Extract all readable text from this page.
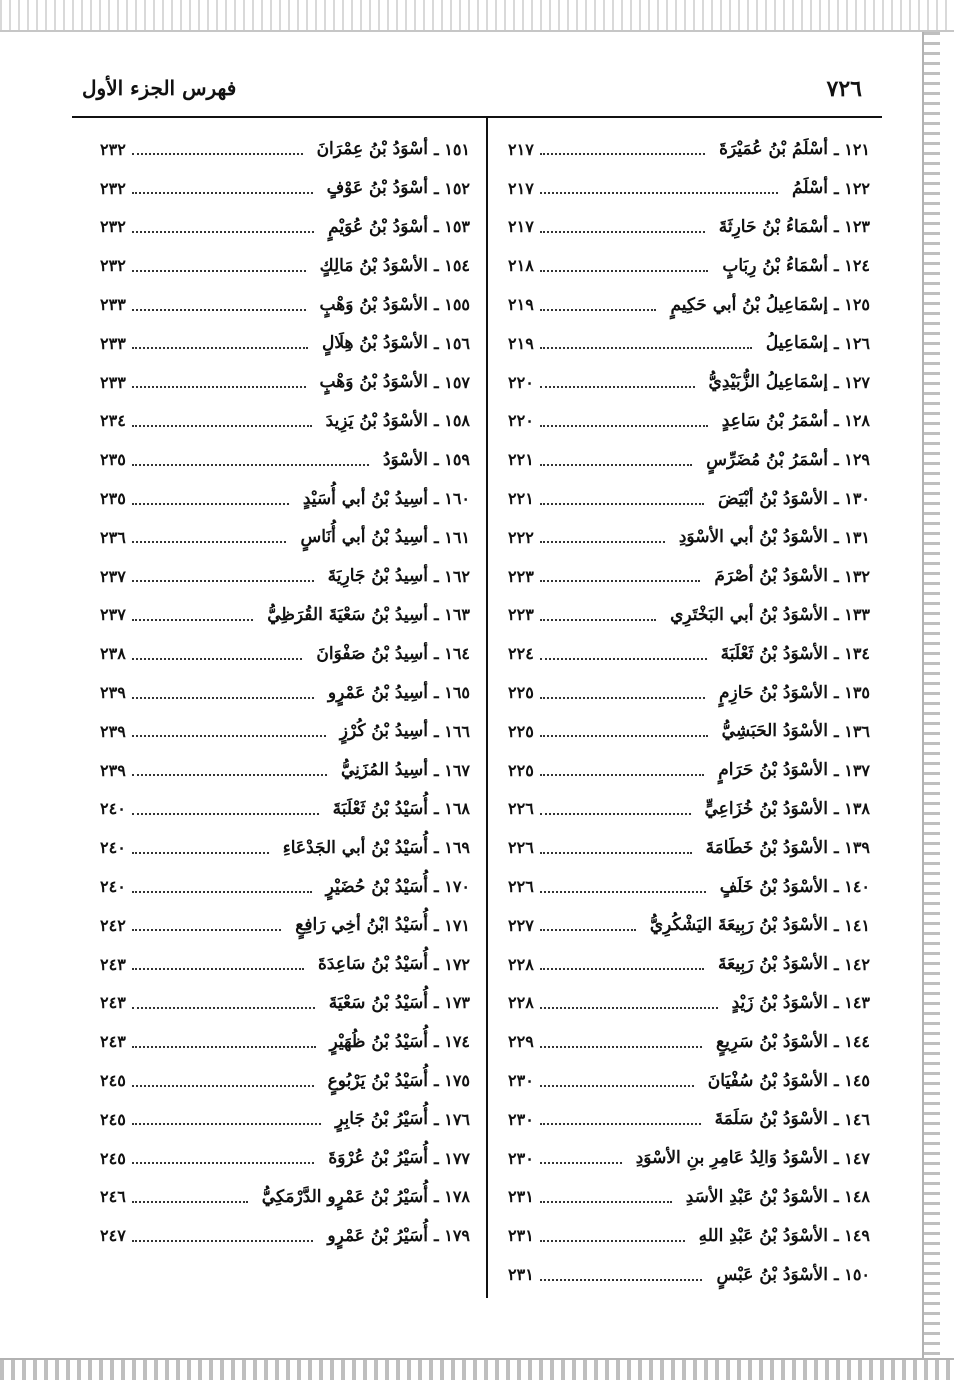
٧٢٦
فهرس الجزء الأول
١٢١ ـ
أسْلَمُ بْنُ عُمَيْرَةَ
٢١٧
١٢٢ ـ
أسْلَمُ
٢١٧
١٢٣ ـ
أسْمَاءُ بْنُ حَارِثَةَ
٢١٧
١٢٤ ـ
أسْمَاءُ بْنُ رِبَابٍ
٢١٨
١٢٥ ـ
إسْمَاعِيلُ بْنُ أبي حَكِيمٍ
٢١٩
١٢٦ ـ
إسْمَاعِيلُ
٢١٩
١٢٧ ـ
إسْمَاعِيلُ الزُّبَيْدِيُّ
٢٢٠
١٢٨ ـ
أسْمَرُ بْنُ سَاعِدٍ
٢٢٠
١٢٩ ـ
أسْمَرُ بْنُ مُضَرِّسٍ
٢٢١
١٣٠ ـ
الأسْوَدُ بْنُ أبْيَضَ
٢٢١
١٣١ ـ
الأسْوَدُ بْنُ أبي الأسْوَدِ
٢٢٢
١٣٢ ـ
الأسْوَدُ بْنُ أصْرَمَ
٢٢٣
١٣٣ ـ
الأسْوَدُ بْنُ أبي البَخْتَرِي
٢٢٣
١٣٤ ـ
الأسْوَدُ بْنُ ثَعْلَبَةَ
٢٢٤
١٣٥ ـ
الأسْوَدُ بْنُ حَازِمٍ
٢٢٥
١٣٦ ـ
الأسْوَدُ الحَبَشِيُّ
٢٢٥
١٣٧ ـ
الأسْوَدُ بْنُ حَرَامٍ
٢٢٥
١٣٨ ـ
الأسْوَدُ بْنُ خُزَاعِيٍّ
٢٢٦
١٣٩ ـ
الأسْوَدُ بْنُ خَطَامَةَ
٢٢٦
١٤٠ ـ
الأسْوَدُ بْنُ خَلَفٍ
٢٢٦
١٤١ ـ
الأسْوَدُ بْنُ رَبِيعَةَ اليَشْكُرِيُّ
٢٢٧
١٤٢ ـ
الأسْوَدُ بْنُ رَبِيعَةَ
٢٢٨
١٤٣ ـ
الأسْوَدُ بْنُ زَيْدٍ
٢٢٨
١٤٤ ـ
الأسْوَدُ بْنُ سَرِيعٍ
٢٢٩
١٤٥ ـ
الأسْوَدُ بْنُ سُفْيَانَ
٢٣٠
١٤٦ ـ
الأسْوَدُ بْنُ سَلَمَةَ
٢٣٠
١٤٧ ـ
الأسْوَدُ وَالِدُ عَامِرِ بنِ الأسْوَدِ
٢٣٠
١٤٨ ـ
الأسْوَدُ بْنُ عَبْدِ الأسَدِ
٢٣١
١٤٩ ـ
الأسْوَدُ بْنُ عَبْدِ اللهِ
٢٣١
١٥٠ ـ
الأسْوَدُ بْنُ عَبْسٍ
٢٣١
١٥١ ـ
أسْوَدُ بْنُ عِمْرَانَ
٢٣٢
١٥٢ ـ
أسْوَدُ بْنُ عَوْفٍ
٢٣٢
١٥٣ ـ
أسْوَدُ بْنُ عُوَيْمٍ
٢٣٢
١٥٤ ـ
الأسْوَدُ بْنُ مَالِكٍ
٢٣٢
١٥٥ ـ
الأسْوَدُ بْنُ وَهْبٍ
٢٣٣
١٥٦ ـ
الأسْوَدُ بْنُ هِلَالٍ
٢٣٣
١٥٧ ـ
الأسْوَدُ بْنُ وَهْبٍ
٢٣٣
١٥٨ ـ
الأسْوَدُ بْنُ يَزِيدَ
٢٣٤
١٥٩ ـ
الأسْوَدُ
٢٣٥
١٦٠ ـ
أسِيدُ بْنُ أبي أُسَيْدٍ
٢٣٥
١٦١ ـ
أسِيدُ بْنُ أبي أُنَاسٍ
٢٣٦
١٦٢ ـ
أسِيدُ بْنُ جَارِيَةَ
٢٣٧
١٦٣ ـ
أسِيدُ بْنُ سَعْيَةَ القُرَظِيُّ
٢٣٧
١٦٤ ـ
أسِيدُ بْنُ صَفْوَانَ
٢٣٨
١٦٥ ـ
أسِيدُ بْنُ عَمْرٍو
٢٣٩
١٦٦ ـ
أسِيدُ بْنُ كُرْزٍ
٢٣٩
١٦٧ ـ
أسِيدُ المُزَنِيُّ
٢٣٩
١٦٨ ـ
أُسَيْدُ بْنُ ثَعْلَبَةَ
٢٤٠
١٦٩ ـ
أُسَيْدُ بْنُ أبي الجَدْعَاءِ
٢٤٠
١٧٠ ـ
أُسَيْدُ بْنُ حُضَيْرٍ
٢٤٠
١٧١ ـ
أُسَيْدُ ابْنُ أخِي رَافِعٍ
٢٤٢
١٧٢ ـ
أُسَيْدُ بْنُ سَاعِدَةَ
٢٤٣
١٧٣ ـ
أُسَيْدُ بْنُ سَعْيَةَ
٢٤٣
١٧٤ ـ
أُسَيْدُ بْنُ ظُهَيْرٍ
٢٤٣
١٧٥ ـ
أُسَيْدُ بْنُ يَرْبُوعٍ
٢٤٥
١٧٦ ـ
أُسَيْرُ بْنُ جَابِرٍ
٢٤٥
١٧٧ ـ
أُسَيْرُ بْنُ عُرْوَةَ
٢٤٥
١٧٨ ـ
أُسَيْرُ بْنُ عَمْرٍو الدَّرْمَكِيُّ
٢٤٦
١٧٩ ـ
أُسَيْرُ بْنُ عَمْرٍو
٢٤٧
